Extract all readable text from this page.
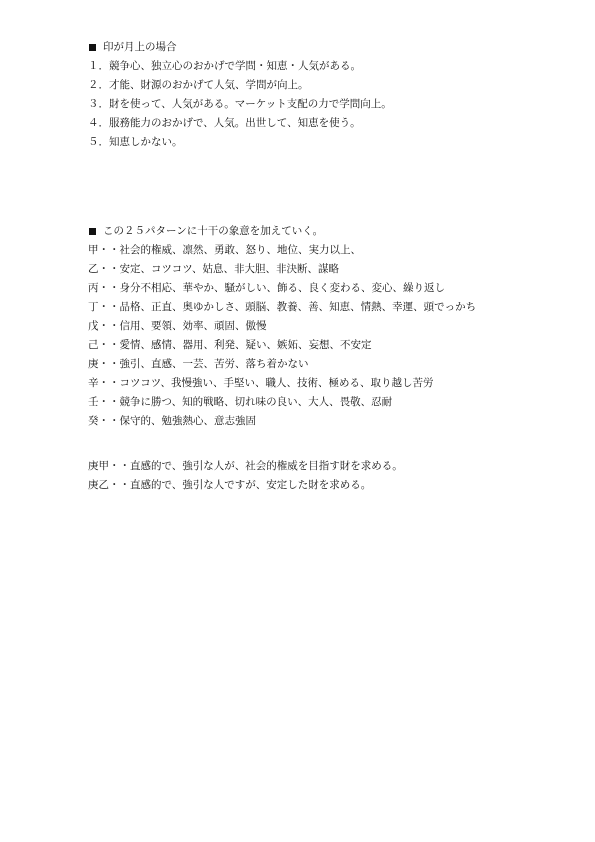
印が月上の場合
１．競争心、独立心のおかげで学問・知恵・人気がある。
２．才能、財源のおかげて人気、学問が向上。
３．財を使って、人気がある。マーケット支配の力で学問向上。
４．服務能力のおかげで、人気。出世して、知恵を使う。
５．知恵しかない。
この２５パターンに十干の象意を加えていく。
甲・・社会的権威、凛然、勇敢、怒り、地位、実力以上、
乙・・安定、コツコツ、姑息、非大胆、非決断、謀略
丙・・身分不相応、華やか、騒がしい、飾る、良く変わる、変心、繰り返し
丁・・品格、正直、奥ゆかしさ、頭脳、教養、善、知恵、情熱、幸運、頭でっかち
戊・・信用、要領、効率、頑固、傲慢
己・・愛情、感情、器用、利発、疑い、嫉妬、妄想、不安定
庚・・強引、直感、一芸、苦労、落ち着かない
辛・・コツコツ、我慢強い、手堅い、職人、技術、極める、取り越し苦労
壬・・競争に勝つ、知的戦略、切れ味の良い、大人、畏敬、忍耐
癸・・保守的、勉強熱心、意志強固
庚甲・・直感的で、強引な人が、社会的権威を目指す財を求める。
庚乙・・直感的で、強引な人ですが、安定した財を求める。
